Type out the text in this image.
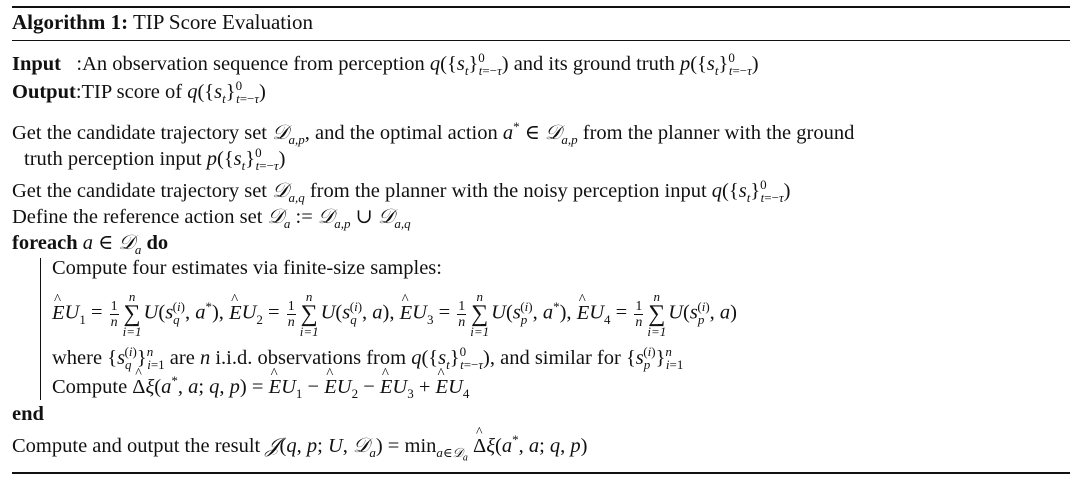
Algorithm 1: TIP Score Evaluation
Input   :An observation sequence from perception $q(\{s_t\}^0_{t=-\tau})$ and its ground truth $p(\{s_t\}^0_{t=-\tau})$
Output:TIP score of $q(\{s_t\}^0_{t=-\tau})$
Get the candidate trajectory set 𝒟$_{a,p}$, and the optimal action a* ∈ 𝒟$_{a,p}$ from the planner with the ground
truth perception input $p(\{s_t\}^0_{t=-\tau})$
Get the candidate trajectory set 𝒟$_{a,q}$ from the planner with the noisy perception input $q(\{s_t\}^0_{t=-\tau})$
Define the reference action set 𝒟$_a$ := 𝒟$_{a,p}$ ∪ 𝒟$_{a,q}$
foreach a ∈ 𝒟$_a$ do
Compute four estimates via finite-size samples:
^ $EU_1 = \frac{1}{n}$
n
∑
i=1
$U(s_q^{(i)}$, a*), ^ $EU_2 = \frac{1}{n}$
n
∑
i=1
$U(s_q^{(i)}$, a), ^ $EU_3 = \frac{1}{n}$
n
∑
i=1
$U(s_p^{(i)}$, a*), ^ $EU_4 = \frac{1}{n}$
n
∑
i=1
$U(s_p^{(i)}$, a)
where $\{s_q^{(i)}\}^n_{i=1}$ are n i.i.d. observations from $q(\{s_t\}^0_{t=-\tau})$, and similar for $\{s_p^{(i)}\}^n_{i=1}$
Compute ^ Δξ(a*, a; q, p) = ^ $EU_1$ − ^ $EU_2$ − ^ $EU_3$ + ^ $EU_4$
end
Compute and output the result 𝒥(q, p; U, 𝒟$_a$) = $\min_{a\in 𝒟_a}$ ^ Δξ(a*, a; q, p)
